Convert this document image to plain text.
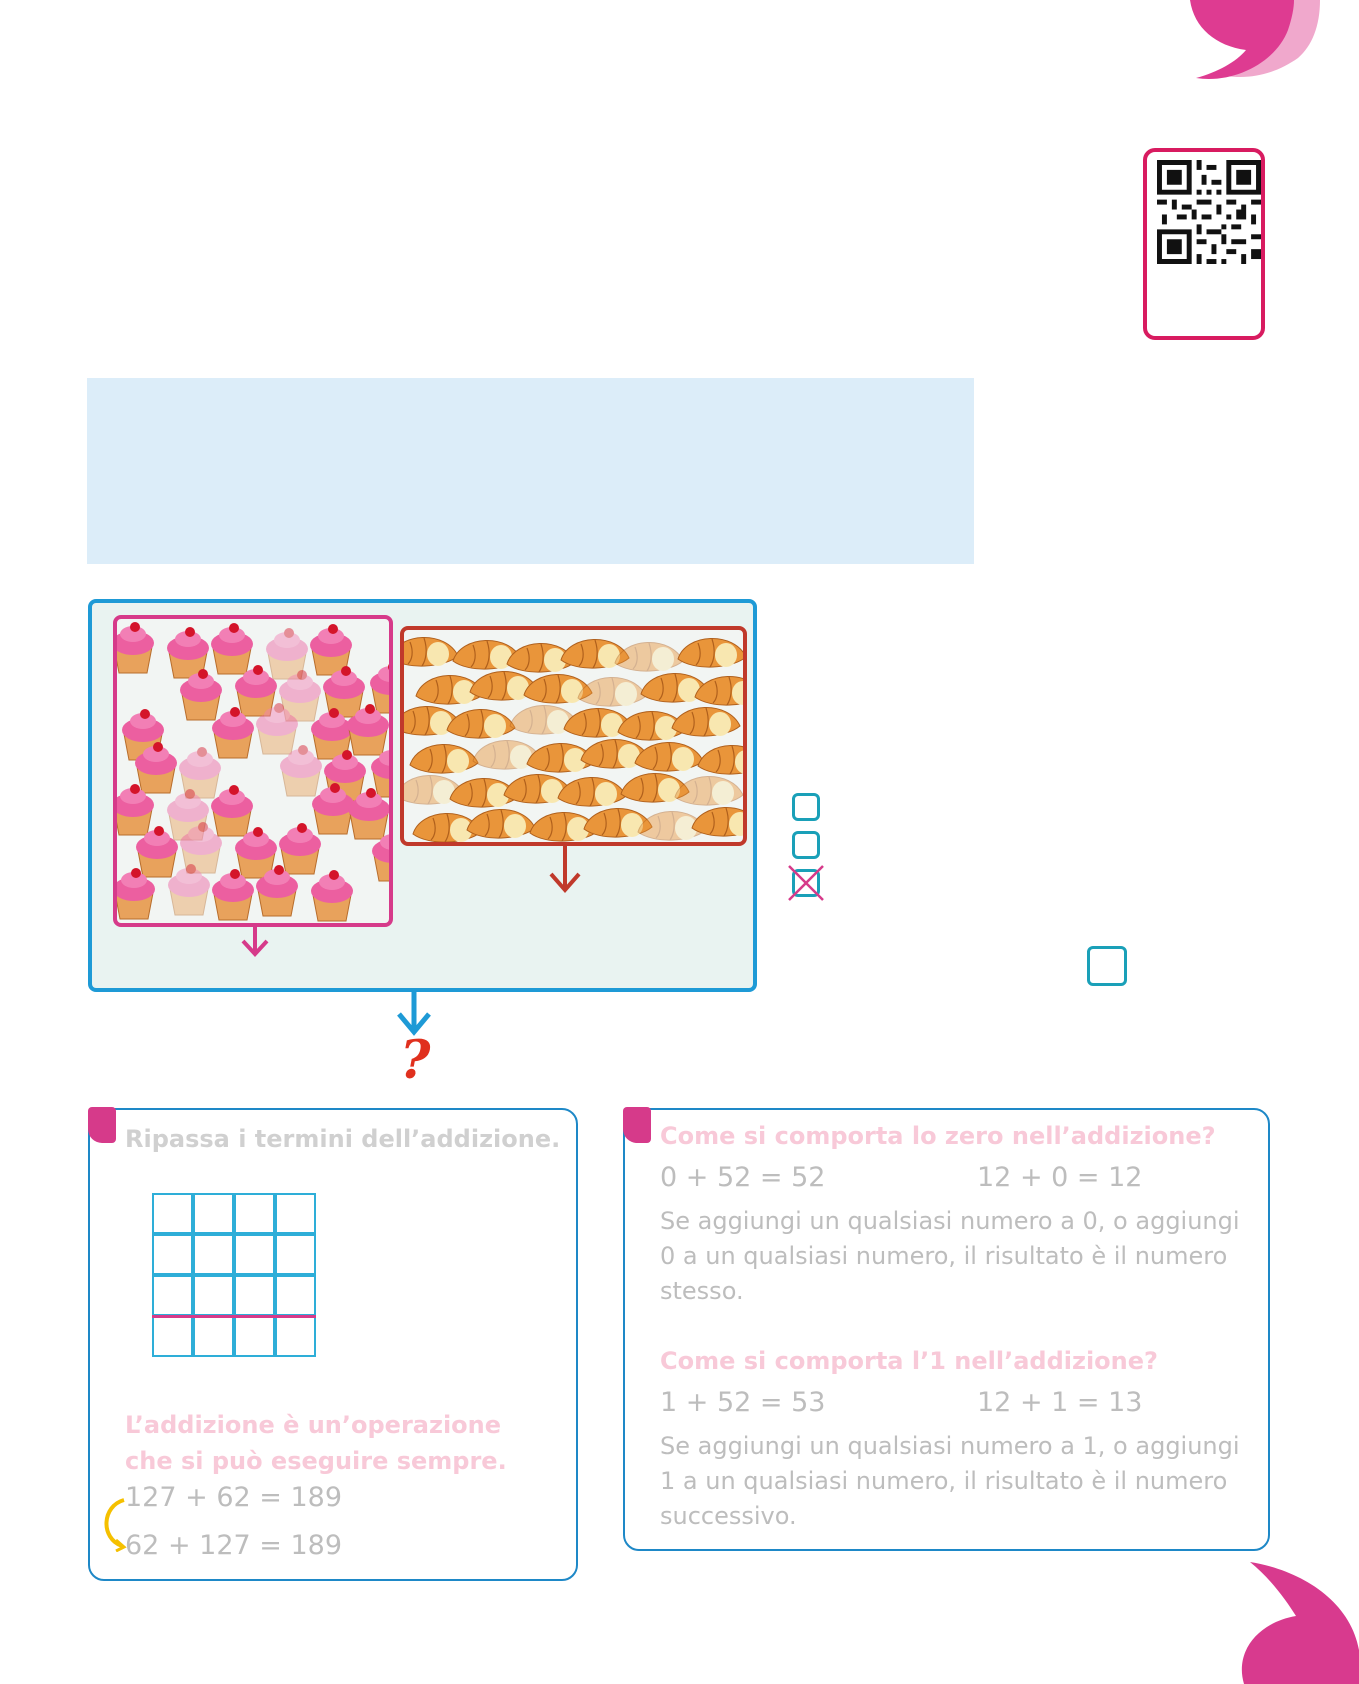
?
Ripassa i termini dell’addizione.
L’addizione è un’operazione
che si può eseguire sempre.
127 + 62 = 189
62 + 127 = 189
Come si comporta lo zero nell’addizione?
0 + 52 = 52	12 + 0 = 12
Se aggiungi un qualsiasi numero a 0, o aggiungi 0 a un qualsiasi numero, il risultato è il numero stesso.
Come si comporta l’1 nell’addizione?
1 + 52 = 53	12 + 1 = 13
Se aggiungi un qualsiasi numero a 1, o aggiungi 1 a un qualsiasi numero, il risultato è il numero successivo.
